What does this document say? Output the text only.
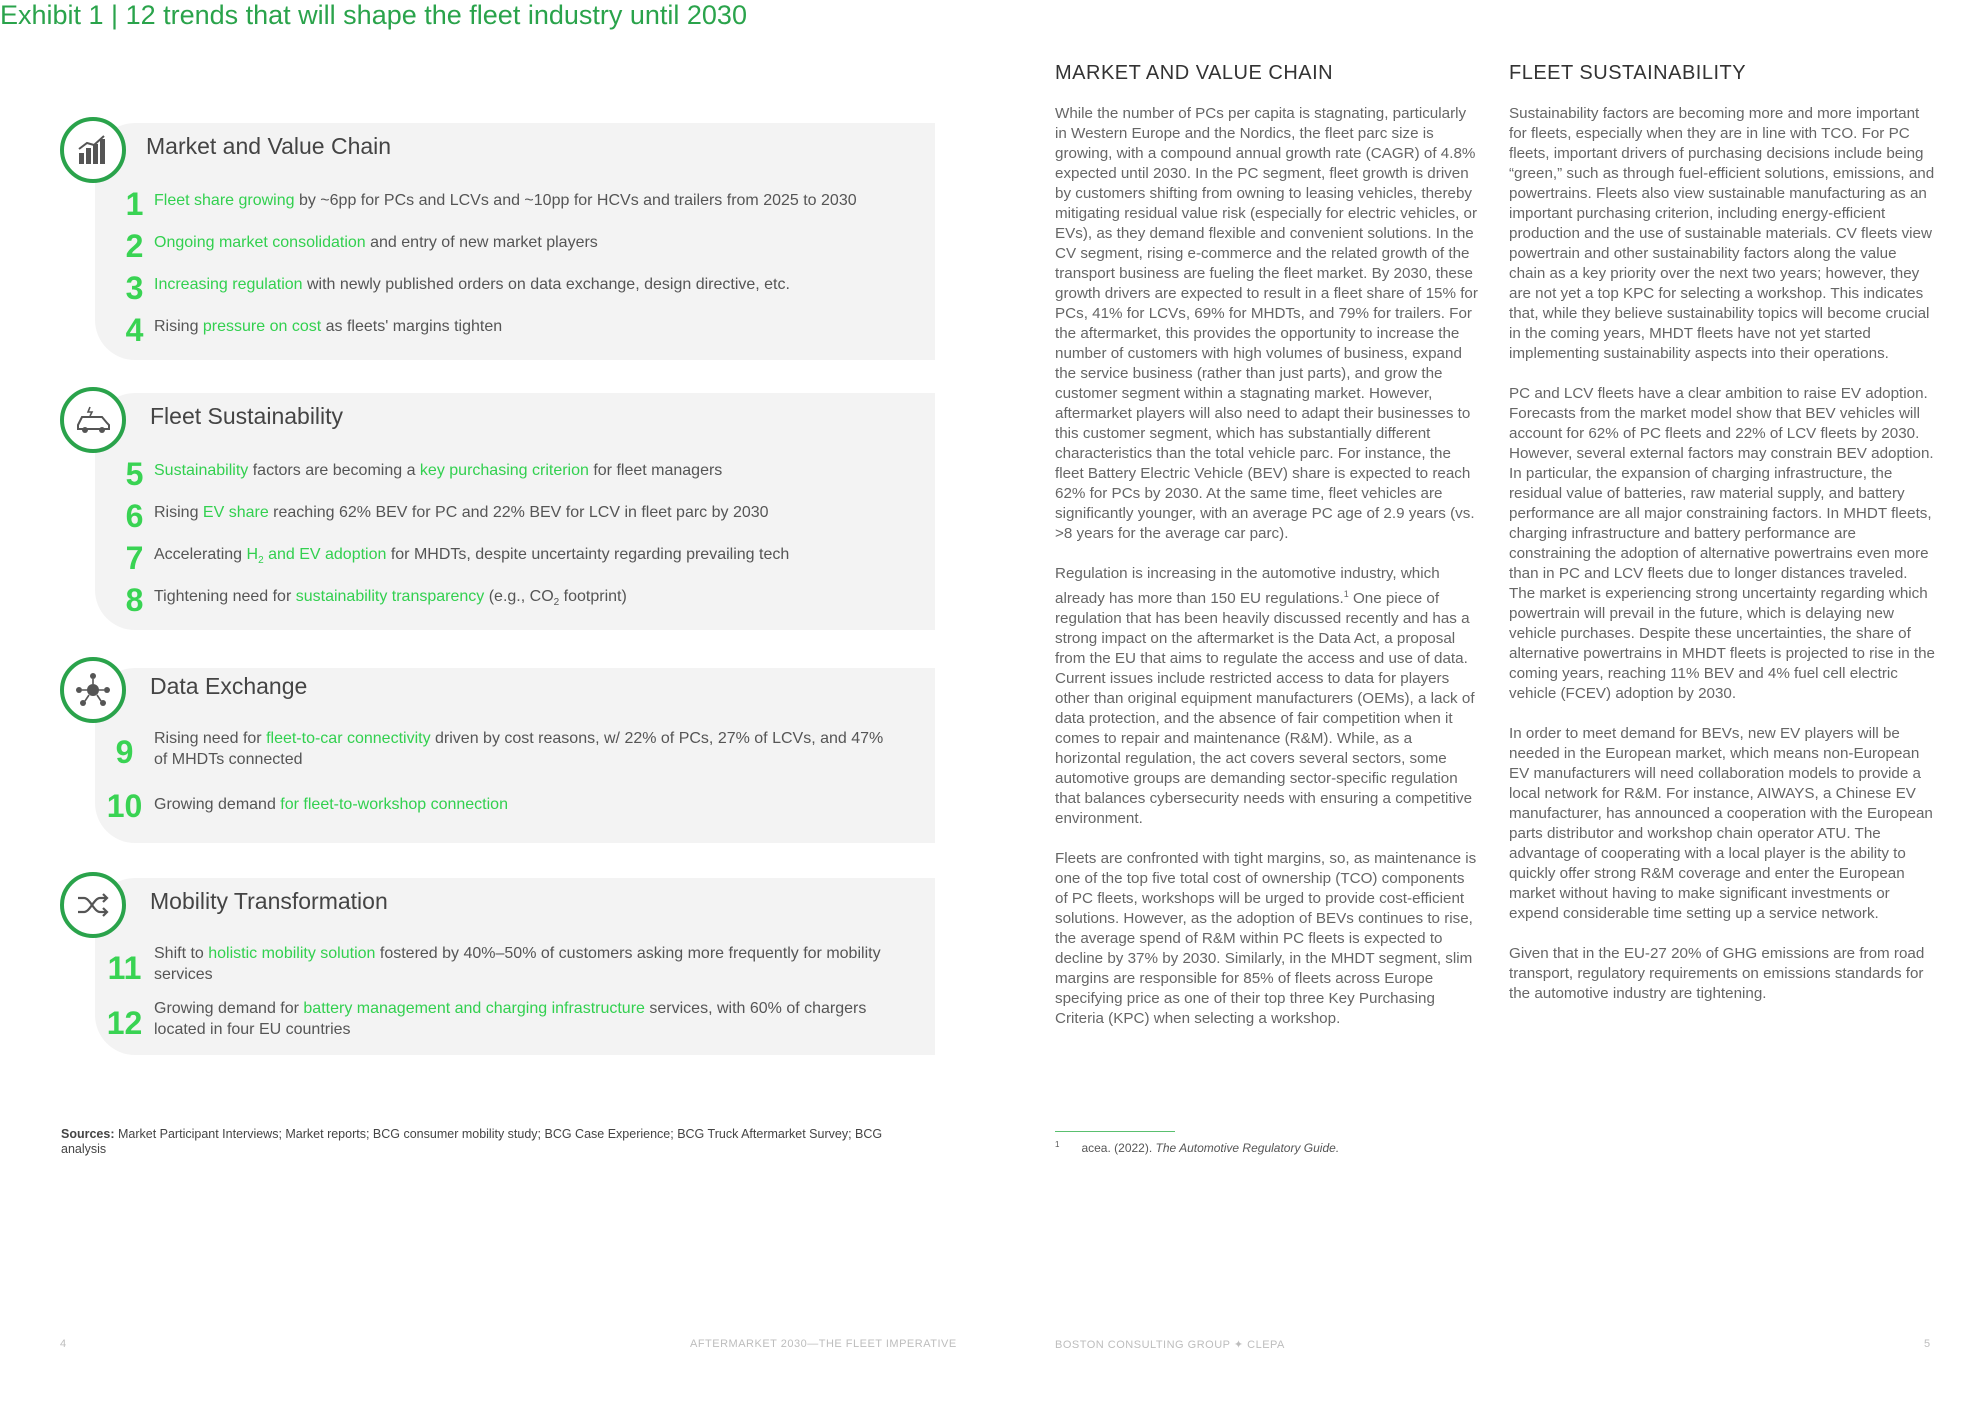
Exhibit 1 | 12 trends that will shape the fleet industry until 2030
Market and Value Chain
1 Fleet share growing by ~6pp for PCs and LCVs and ~10pp for HCVs and trailers from 2025 to 2030
2 Ongoing market consolidation and entry of new market players
3 Increasing regulation with newly published orders on data exchange, design directive, etc.
4 Rising pressure on cost as fleets' margins tighten
Fleet Sustainability
5 Sustainability factors are becoming a key purchasing criterion for fleet managers
6 Rising EV share reaching 62% BEV for PC and 22% BEV for LCV in fleet parc by 2030
7 Accelerating $H_2$ and EV adoption for MHDTs, despite uncertainty regarding prevailing tech
8 Tightening need for sustainability transparency (e.g., $CO_2$ footprint)
Data Exchange
9	Rising need for fleet-to-car connectivity driven by cost reasons, w/ 22% of PCs, 27% of LCVs, and 47% of MHDTs connected
10 Growing demand for fleet-to-workshop connection
Mobility Transformation
11 Shift to holistic mobility solution fostered by 40%–50% of customers asking more frequently for mobility services
12 Growing demand for battery management and charging infrastructure services, with 60% of chargers located in four EU countries
Sources: Market Participant Interviews; Market reports; BCG consumer mobility study; BCG Case Experience; BCG Truck Aftermarket Survey; BCG analysis
MARKET AND VALUE CHAIN

While the number of PCs per capita is stagnating, particularly in Western Europe and the Nordics, the fleet parc size is growing, with a compound annual growth rate (CAGR) of 4.8% expected until 2030. In the PC segment, fleet growth is driven by customers shifting from owning to leasing vehicles, thereby mitigating residual value risk (especially for electric vehicles, or EVs), as they demand flexible and convenient solutions. In the CV segment, rising e-commerce and the related growth of the transport business are fueling the fleet market. By 2030, these growth drivers are expected to result in a fleet share of 15% for PCs, 41% for LCVs, 69% for MHDTs, and 79% for trailers. For the aftermarket, this provides the opportunity to increase the number of customers with high volumes of business, expand the service business (rather than just parts), and grow the customer segment within a stagnating market. However, aftermarket players will also need to adapt their businesses to this customer segment, which has substantially different characteristics than the total vehicle parc. For instance, the fleet Battery Electric Vehicle (BEV) share is expected to reach 62% for PCs by 2030. At the same time, fleet vehicles are significantly younger, with an average PC age of 2.9 years (vs. >8 years for the average car parc).

Regulation is increasing in the automotive industry, which already has more than 150 EU regulations.$^1$ One piece of regulation that has been heavily discussed recently and has a strong impact on the aftermarket is the Data Act, a proposal from the EU that aims to regulate the access and use of data. Current issues include restricted access to data for players other than original equipment manufacturers (OEMs), a lack of data protection, and the absence of fair competition when it comes to repair and maintenance (R&M). While, as a horizontal regulation, the act covers several sectors, some automotive groups are demanding sector-specific regulation that balances cybersecurity needs with ensuring a competitive environment.

Fleets are confronted with tight margins, so, as maintenance is one of the top five total cost of ownership (TCO) components of PC fleets, workshops will be urged to provide cost-efficient solutions. However, as the adoption of BEVs continues to rise, the average spend of R&M within PC fleets is expected to decline by 37% by 2030. Similarly, in the MHDT segment, slim margins are responsible for 85% of fleets across Europe specifying price as one of their top three Key Purchasing Criteria (KPC) when selecting a workshop.

FLEET SUSTAINABILITY

Sustainability factors are becoming more and more important for fleets, especially when they are in line with TCO. For PC fleets, important drivers of purchasing decisions include being “green,” such as through fuel-efficient solutions, emissions, and powertrains. Fleets also view sustainable manufacturing as an important purchasing criterion, including energy-efficient production and the use of sustainable materials. CV fleets view powertrain and other sustainability factors along the value chain as a key priority over the next two years; however, they are not yet a top KPC for selecting a workshop. This indicates that, while they believe sustainability topics will become crucial in the coming years, MHDT fleets have not yet started implementing sustainability aspects into their operations.

PC and LCV fleets have a clear ambition to raise EV adoption. Forecasts from the market model show that BEV vehicles will account for 62% of PC fleets and 22% of LCV fleets by 2030. However, several external factors may constrain BEV adoption. In particular, the expansion of charging infrastructure, the residual value of batteries, raw material supply, and battery performance are all major constraining factors. In MHDT fleets, charging infrastructure and battery performance are constraining the adoption of alternative powertrains even more than in PC and LCV fleets due to longer distances traveled. The market is experiencing strong uncertainty regarding which powertrain will prevail in the future, which is delaying new vehicle purchases. Despite these uncertainties, the share of alternative powertrains in MHDT fleets is projected to rise in the coming years, reaching 11% BEV and 4% fuel cell electric vehicle (FCEV) adoption by 2030.

In order to meet demand for BEVs, new EV players will be needed in the European market, which means non-European EV manufacturers will need collaboration models to provide a local network for R&M. For instance, AIWAYS, a Chinese EV manufacturer, has announced a cooperation with the European parts distributor and workshop chain operator ATU. The advantage of cooperating with a local player is the ability to quickly offer strong R&M coverage and enter the European market without having to make significant investments or expend considerable time setting up a service network.

Given that in the EU-27 20% of GHG emissions are from road transport, regulatory requirements on emissions standards for the automotive industry are tightening.

$^1$ acea. (2022). The Automotive Regulatory Guide.
4	AFTERMARKET 2030—THE FLEET IMPERATIVE	BOSTON CONSULTING GROUP ✦ CLEPA	5
